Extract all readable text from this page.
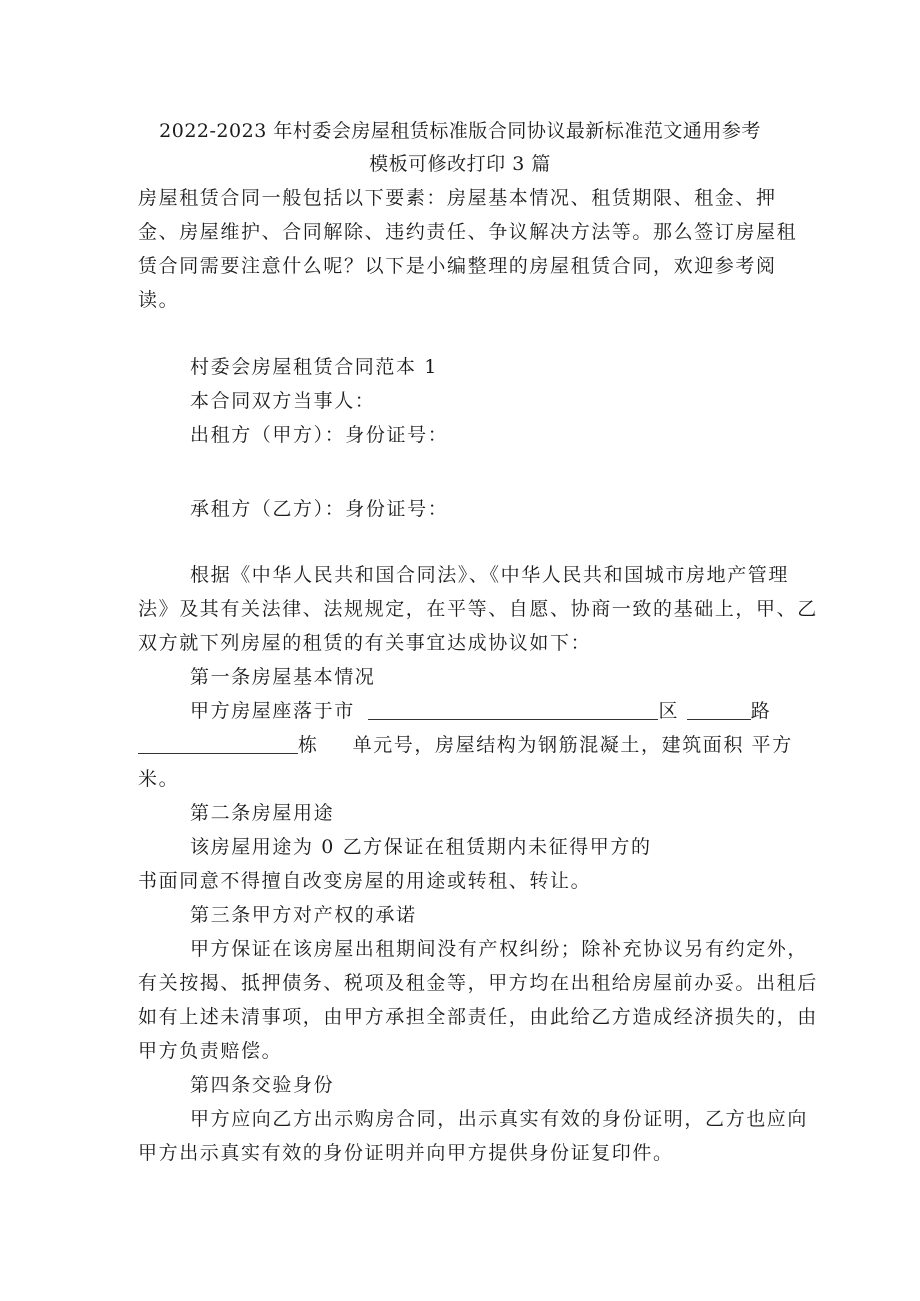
2022-2023 年村委会房屋租赁标准版合同协议最新标准范文通用参考
模板可修改打印 3 篇
房屋租赁合同一般包括以下要素：房屋基本情况、租赁期限、租金、押
金、房屋维护、合同解除、违约责任、争议解决方法等。那么签订房屋租
赁合同需要注意什么呢？以下是小编整理的房屋租赁合同，欢迎参考阅
读。
村委会房屋租赁合同范本 1
本合同双方当事人：
出租方（甲方）：身份证号：
承租方（乙方）：身份证号：
根据《中华人民共和国合同法》、《中华人民共和国城市房地产管理
法》及其有关法律、法规规定，在平等、自愿、协商一致的基础上，甲、乙
双方就下列房屋的租赁的有关事宜达成协议如下：
第一条房屋基本情况
甲方房屋座落于市	区	路
栋 单元号，房屋结构为钢筋混凝土，建筑面积 平方
米。
第二条房屋用途
该房屋用途为 0 乙方保证在租赁期内未征得甲方的
书面同意不得擅自改变房屋的用途或转租、转让。
第三条甲方对产权的承诺
甲方保证在该房屋出租期间没有产权纠纷；除补充协议另有约定外，
有关按揭、抵押债务、税项及租金等，甲方均在出租给房屋前办妥。出租后
如有上述未清事项，由甲方承担全部责任，由此给乙方造成经济损失的，由
甲方负责赔偿。
第四条交验身份
甲方应向乙方出示购房合同，出示真实有效的身份证明，乙方也应向
甲方出示真实有效的身份证明并向甲方提供身份证复印件。
